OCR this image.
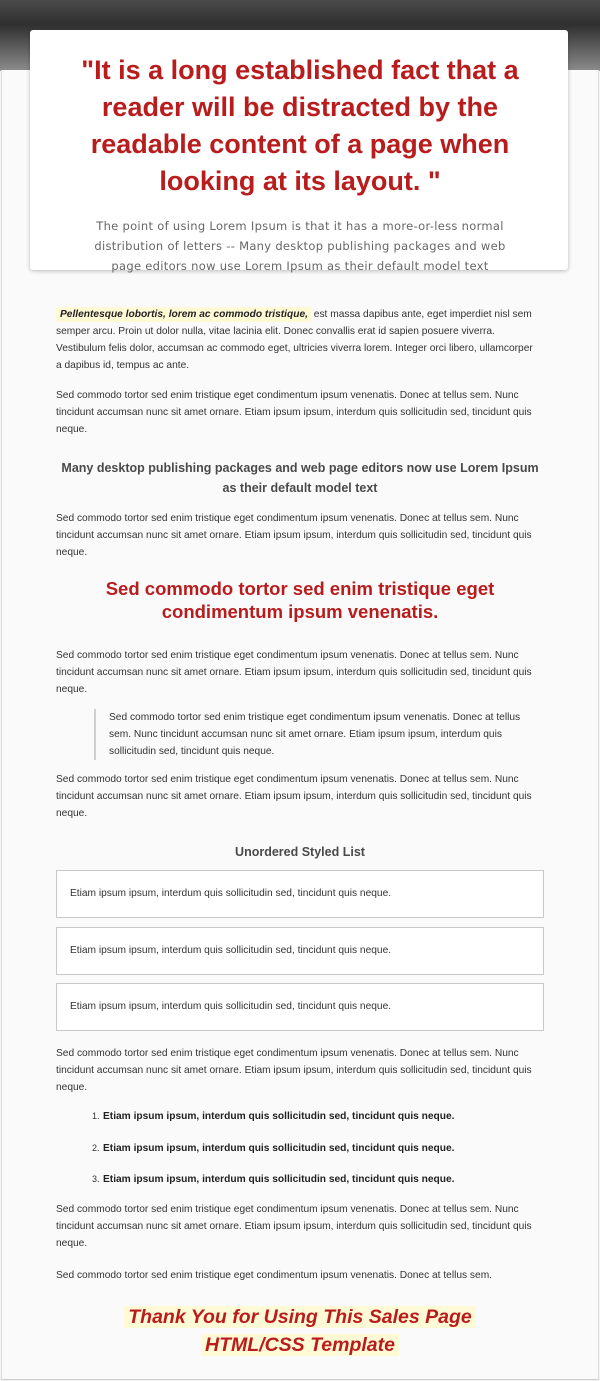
"It is a long established fact that a reader will be distracted by the readable content of a page when looking at its layout. "

The point of using Lorem Ipsum is that it has a more-or-less normal distribution of letters -- Many desktop publishing packages and web page editors now use Lorem Ipsum as their default model text

Pellentesque lobortis, lorem ac commodo tristique, est massa dapibus ante, eget imperdiet nisl sem semper arcu. Proin ut dolor nulla, vitae lacinia elit. Donec convallis erat id sapien posuere viverra. Vestibulum felis dolor, accumsan ac commodo eget, ultricies viverra lorem. Integer orci libero, ullamcorper a dapibus id, tempus ac ante.

Sed commodo tortor sed enim tristique eget condimentum ipsum venenatis. Donec at tellus sem. Nunc tincidunt accumsan nunc sit amet ornare. Etiam ipsum ipsum, interdum quis sollicitudin sed, tincidunt quis neque.

Many desktop publishing packages and web page editors now use Lorem Ipsum as their default model text

Sed commodo tortor sed enim tristique eget condimentum ipsum venenatis. Donec at tellus sem. Nunc tincidunt accumsan nunc sit amet ornare. Etiam ipsum ipsum, interdum quis sollicitudin sed, tincidunt quis neque.

Sed commodo tortor sed enim tristique eget condimentum ipsum venenatis.

Sed commodo tortor sed enim tristique eget condimentum ipsum venenatis. Donec at tellus sem. Nunc tincidunt accumsan nunc sit amet ornare. Etiam ipsum ipsum, interdum quis sollicitudin sed, tincidunt quis neque.

Sed commodo tortor sed enim tristique eget condimentum ipsum venenatis. Donec at tellus sem. Nunc tincidunt accumsan nunc sit amet ornare. Etiam ipsum ipsum, interdum quis sollicitudin sed, tincidunt quis neque.

Sed commodo tortor sed enim tristique eget condimentum ipsum venenatis. Donec at tellus sem. Nunc tincidunt accumsan nunc sit amet ornare. Etiam ipsum ipsum, interdum quis sollicitudin sed, tincidunt quis neque.

Unordered Styled List
Etiam ipsum ipsum, interdum quis sollicitudin sed, tincidunt quis neque.
Etiam ipsum ipsum, interdum quis sollicitudin sed, tincidunt quis neque.
Etiam ipsum ipsum, interdum quis sollicitudin sed, tincidunt quis neque.

Sed commodo tortor sed enim tristique eget condimentum ipsum venenatis. Donec at tellus sem. Nunc tincidunt accumsan nunc sit amet ornare. Etiam ipsum ipsum, interdum quis sollicitudin sed, tincidunt quis neque.

1. Etiam ipsum ipsum, interdum quis sollicitudin sed, tincidunt quis neque.
2. Etiam ipsum ipsum, interdum quis sollicitudin sed, tincidunt quis neque.
3. Etiam ipsum ipsum, interdum quis sollicitudin sed, tincidunt quis neque.

Sed commodo tortor sed enim tristique eget condimentum ipsum venenatis. Donec at tellus sem. Nunc tincidunt accumsan nunc sit amet ornare. Etiam ipsum ipsum, interdum quis sollicitudin sed, tincidunt quis neque.

Sed commodo tortor sed enim tristique eget condimentum ipsum venenatis. Donec at tellus sem.

Thank You for Using This Sales Page
HTML/CSS Template
